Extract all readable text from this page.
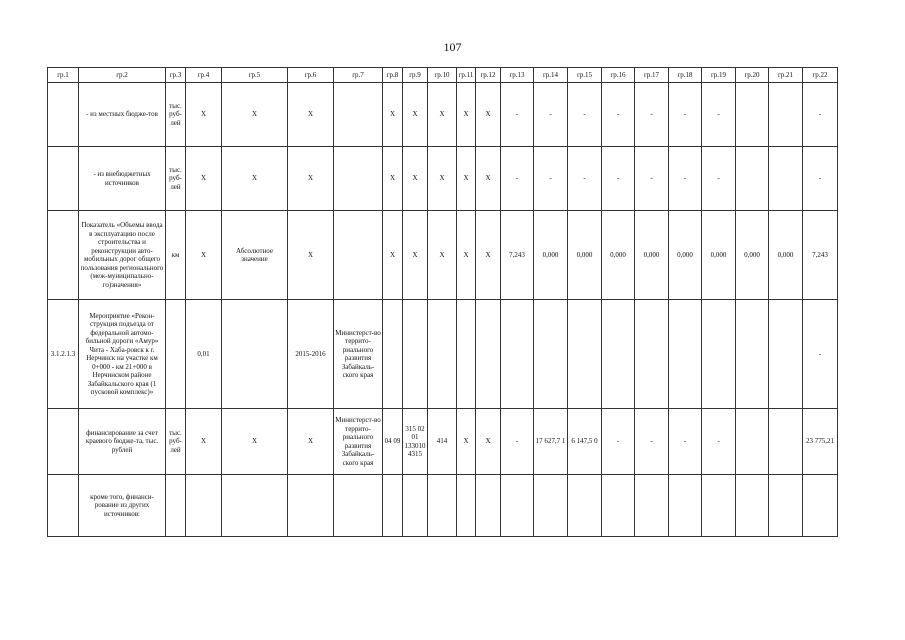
107
гр.1	гр.2	гр.3	гр.4	гр.5	гр.6	гр.7	гр.8	гр.9	гр.10	гр.11	гр.12	гр.13	гр.14	гр.15	гр.16	гр.17	гр.18	гр.19	гр.20	гр.21	гр.22
	- из местных бюдже-тов	тыс. руб-лей	X	X	X		X	X	X	X	X	-	-	-	-	-	-	-			-
	- из внебюджетных источников	тыс. руб-лей	X	X	X		X	X	X	X	X	-	-	-	-	-	-	-			-
	Показатель «Объемы ввода в эксплуатацию после строительства и реконструкции авто-мобильных дорог общего пользования регионального (меж-муниципально-го)значения»	км	X	Абсолютное значение	X		X	X	X	X	X	7,243	0,000	0,000	0,000	0,000	0,000	0,000	0,000	0,000	7,243
3.1.2.1.3	Мероприятие «Рекон-струкция подъезда от федеральной автомо-бильной дороги «Амур» Чита - Хаба-ровск к г. Нерчинск на участке км 0+000 - км 21+000 в Нерчинском районе Забайкальского края (1 пусковой комплекс)»		0,01		2015-2016	Министерст-во террито-риального развития Забайкаль-ского края															-
	финансирование за счет краевого бюдже-та, тыс. рублей	тыс. руб-лей	X	X	X	Министерст-во террито-риального развития Забайкаль-ского края	04 09	315 02 01 133010 4315	414	X	X	-	17 627,7 1	6 147,5 0	-	-	-	-			23 775,21
	кроме того, финанси-рование из других источников:																				
